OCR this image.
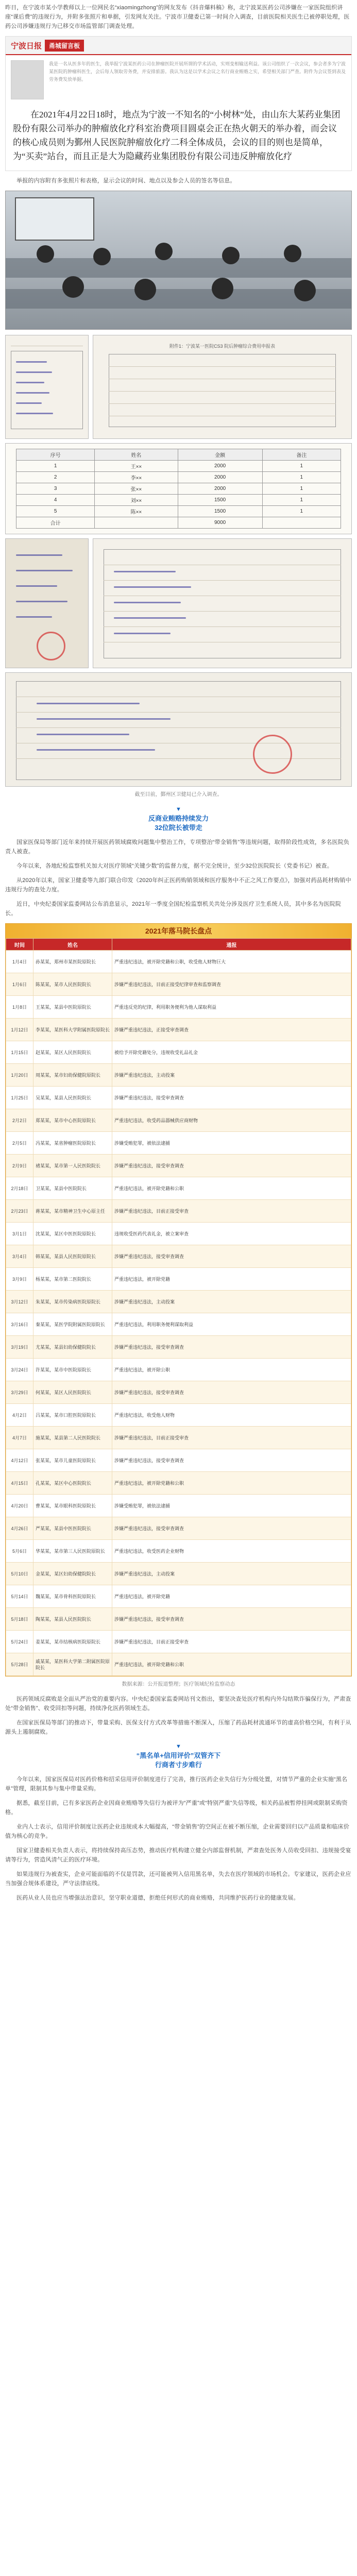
昨日，在宁波市某小学教师以上一位网民名“xiaomingzhong”的网友发布《抖音爆料稿》称，北宁波某医药公司涉嫌在一家医院组织讲座“课后费”的违规行为，并附多张照片和单据，引发网友关注。宁波市卫健委已第一时间介入调查，目前医院相关医生已被停职处理，医药公司涉嫌违规行为已移交市场监管部门调查处理。

宁波日报	甬城留言板
我是一名从医多年的医生，我举报宁波某医药公司在肿瘤医院开展所谓的学术活动，实则变相输送利益。该公司组织了一次会议，参会者多为宁波某医院的肿瘤科医生，会后每人领取劳务费，并安排旅游。我认为这是以学术会议之名行商业贿赂之实，希望相关部门严查。附件为会议签到表及劳务费发放单据。
在2021年4月22日18时，地点为宁波一不知名的“小树林”处，由山东大某药业集团股份有限公司举办的肿瘤放化疗科室治费项目圆桌会正在热火朝天的举办着，而会议的核心成员则为鄞州人民医院肿瘤放化疗二科全体成员，会议的目的则也是简单，为“买卖”站台，而且正是大为隐藏药业集团股份有限公司违反肿瘤放化疗

举报的内容附有多张照片和表格，显示会议的时间、地点以及参会人员的签名等信息。

附件1：宁波某一医院CS3 院后肿瘤综合费用申报表
序号	姓名	金额	备注
1	王××	2000	1
2	李××	2000	1
3	张××	2000	1
4	刘××	1500	1
5	陈××	1500	1
合计		9000	

截至目前，鄞州区卫健局已介入调查。

▼
反商业贿赂持续发力
32位院长被带走

国家医保局等部门近年来持续开展医药领域腐败问题集中整治工作，专项整治“带金销售”等违规问题，取得阶段性成效，多名医院负责人被查。

今年以来，各地纪检监察机关加大对医疗领域“关键少数”的监督力度，据不完全统计，至少32位医院院长（党委书记）被查。

从2020年以来，国家卫健委等九部门联合印发《2020年纠正医药购销领域和医疗服务中不正之风工作要点》，加强对药品耗材购销中违规行为的查处力度。

近日，中央纪委国家监委网站公布消息显示，2021年一季度全国纪检监察机关共处分涉及医疗卫生系统人员，其中多名为医院院长。

2021年落马院长盘点
时间	姓名	通报
1月4日	孙某某，郑州市某医院原院长	严重违纪违法，被开除党籍和公职，收受他人财物巨大
1月6日	陈某某，某市人民医院院长	涉嫌严重违纪违法，目前正接受纪律审查和监察调查
1月8日	王某某，某县中医院原院长	严重违反党的纪律，利用职务便利为他人谋取利益
1月12日	李某某，某医科大学附属医院原院长	涉嫌严重违纪违法，正接受审查调查
1月15日	赵某某，某区人民医院院长	被给予开除党籍处分，违规收受礼品礼金
1月20日	周某某，某市妇幼保健院原院长	涉嫌严重违纪违法，主动投案
1月25日	吴某某，某县人民医院院长	涉嫌严重违纪违法，接受审查调查
2月2日	郑某某，某市中心医院原院长	严重违纪违法，收受药品器械供应商财物
2月5日	冯某某，某省肿瘤医院原院长	涉嫌受贿犯罪，被依法逮捕
2月9日	褚某某，某市第一人民医院院长	涉嫌严重违纪违法，接受审查调查
2月18日	卫某某，某县中医院院长	严重违纪违法，被开除党籍和公职
2月23日	蒋某某，某市精神卫生中心原主任	涉嫌严重违纪违法，目前正接受审查
3月1日	沈某某，某区中医医院原院长	违规收受医药代表礼金，被立案审查
3月4日	韩某某，某县人民医院原院长	涉嫌严重违纪违法，接受审查调查
3月9日	杨某某，某市第二医院院长	严重违纪违法，被开除党籍
3月12日	朱某某，某市传染病医院原院长	涉嫌严重违纪违法，主动投案
3月16日	秦某某，某医学院附属医院原院长	严重违纪违法，利用职务便利谋取利益
3月19日	尤某某，某县妇幼保健院院长	涉嫌严重违纪违法，接受审查调查
3月24日	许某某，某市中医院原院长	严重违纪违法，被开除公职
3月29日	何某某，某区人民医院院长	涉嫌严重违纪违法，接受审查调查
4月2日	吕某某，某市口腔医院原院长	严重违纪违法，收受他人财物
4月7日	施某某，某县第二人民医院院长	涉嫌严重违纪违法，目前正接受审查
4月12日	张某某，某市儿童医院原院长	涉嫌严重违纪违法，接受审查调查
4月15日	孔某某，某区中心医院院长	严重违纪违法，被开除党籍和公职
4月20日	曹某某，某市眼科医院原院长	涉嫌受贿犯罪，被依法逮捕
4月26日	严某某，某县中医医院院长	涉嫌严重违纪违法，接受审查调查
5月6日	华某某，某市第三人民医院原院长	严重违纪违法，收受医药企业财物
5月10日	金某某，某区妇幼保健院院长	涉嫌严重违纪违法，主动投案
5月14日	魏某某，某市骨科医院原院长	严重违纪违法，被开除党籍
5月18日	陶某某，某县人民医院院长	涉嫌严重违纪违法，接受审查调查
5月24日	姜某某，某市结核病医院原院长	涉嫌严重违纪违法，目前正接受审查
5月28日	戚某某，某医科大学第二附属医院原院长	严重违纪违法，被开除党籍和公职

数据来源：公开报道整理；医疗领域纪检监察动态

医药领域反腐败是全面从严治党的重要内容。中央纪委国家监委网站刊文指出，要坚决查处医疗机构内外勾结欺诈骗保行为，严肃查处“带金销售”、收受回扣等问题，持续净化医药领域生态。

在国家医保局等部门的推动下，带量采购、医保支付方式改革等措施不断深入，压缩了药品耗材流通环节的虚高价格空间，有利于从源头上遏制腐败。

▼
“黑名单+信用评价”双管齐下
行商者寸步难行

今年以来，国家医保局对医药价格和招采信用评价制度进行了完善，推行医药企业失信行为分级处置，对情节严重的企业实施“黑名单”管理，限制其参与集中带量采购。

据悉，截至目前，已有多家医药企业因商业贿赂等失信行为被评为“严重”或“特别严重”失信等级，相关药品被暂停挂网或限制采购资格。

业内人士表示，信用评价制度让医药企业违规成本大幅提高，“带金销售”的空间正在被不断压缩，企业需要回归以产品质量和临床价值为核心的竞争。

国家卫健委相关负责人表示，将持续保持高压态势，推动医疗机构建立健全内部监督机制，严肃查处医务人员收受回扣、违规接受宴请等行为，营造风清气正的医疗环境。

如果违规行为被查实，企业可能面临的不仅是罚款，还可能被列入信用黑名单，失去在医疗领域的市场机会。专家建议，医药企业应当加强合规体系建设，严守法律底线。

医药从业人员也应当增强法治意识，坚守职业道德，拒绝任何形式的商业贿赂，共同维护医药行业的健康发展。
